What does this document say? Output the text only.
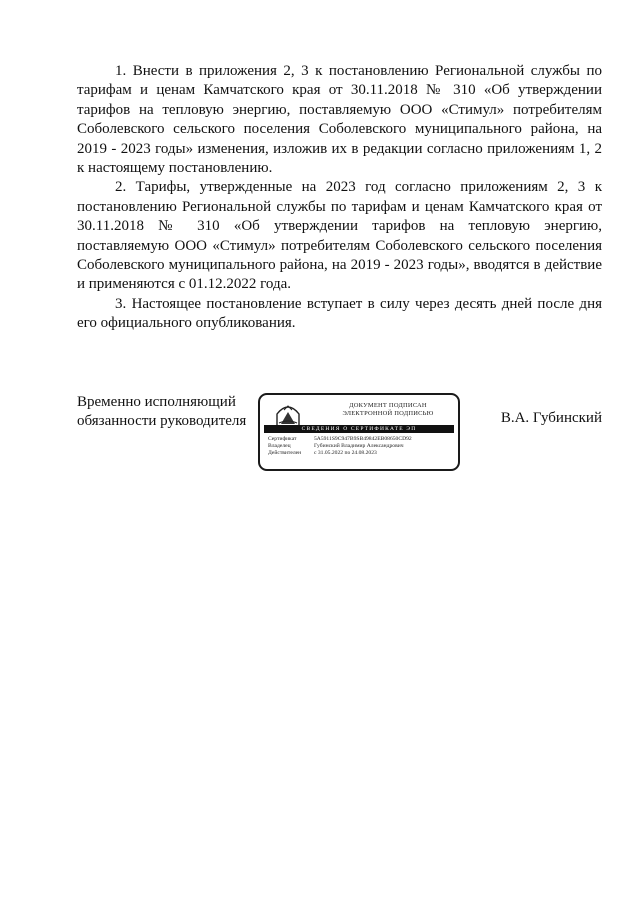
1. Внести в приложения 2, 3 к постановлению Региональной службы по тарифам и ценам Камчатского края от 30.11.2018 № 310 «Об утверждении тарифов на тепловую энергию, поставляемую ООО «Стимул» потребителям Соболевского сельского поселения Соболевского муниципального района, на 2019 - 2023 годы» изменения, изложив их в редакции согласно приложениям 1, 2 к настоящему постановлению.

2. Тарифы, утвержденные на 2023 год согласно приложениям 2, 3 к постановлению Региональной службы по тарифам и ценам Камчатского края от 30.11.2018 № 310 «Об утверждении тарифов на тепловую энергию, поставляемую ООО «Стимул» потребителям Соболевского сельского поселения Соболевского муниципального района, на 2019 - 2023 годы», вводятся в действие и применяются с 01.12.2022 года.

3. Настоящее постановление вступает в силу через десять дней после дня его официального опубликования.

Временно исполняющий
обязанности руководителя
ДОКУМЕНТ ПОДПИСАН
ЭЛЕКТРОННОЙ ПОДПИСЬЮ
СВЕДЕНИЯ О СЕРТИФИКАТЕ ЭП
Сертификат	5A5911S9C947B9SB49842EB08650CD92
Владелец	Губинский Владимир Александрович
Действителен	с 31.05.2022 по 24.08.2023
В.А. Губинский
